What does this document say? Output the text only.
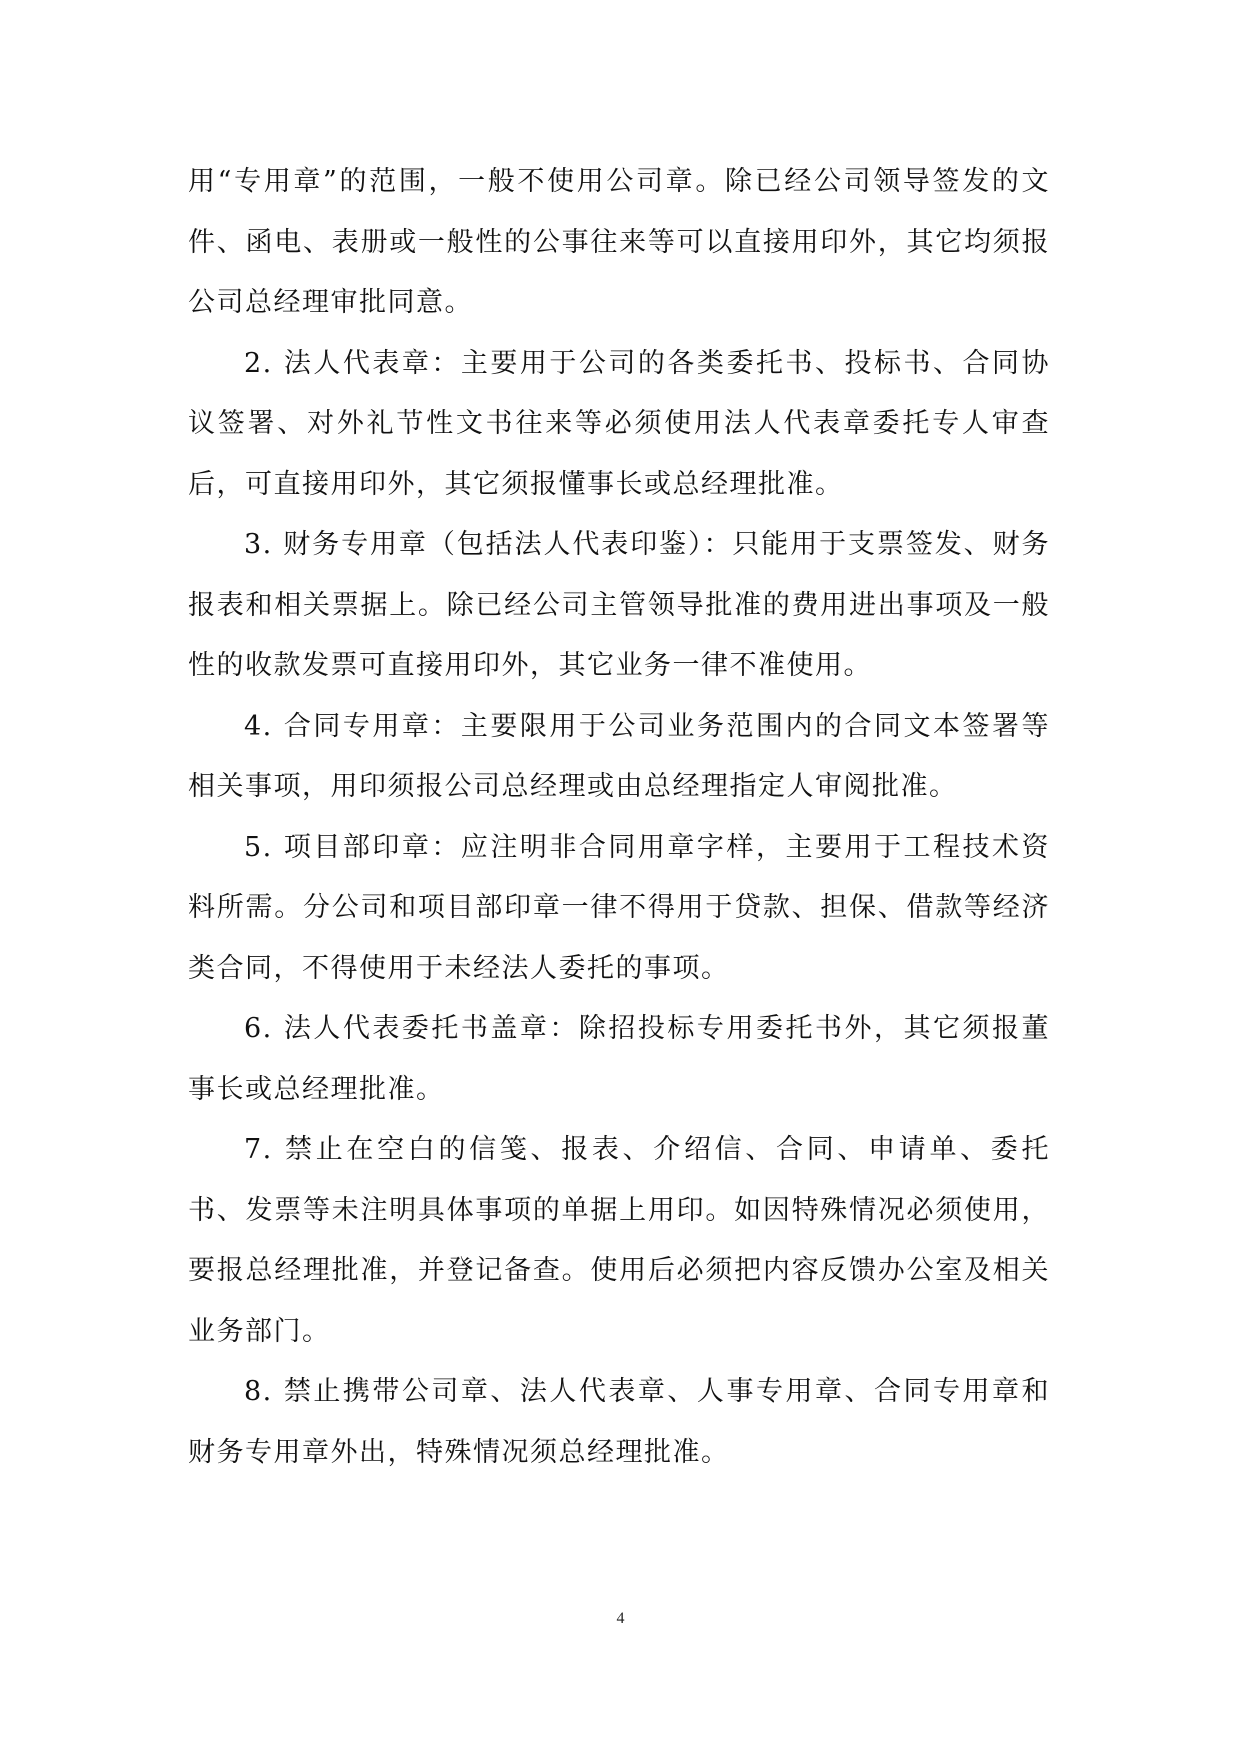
用“专用章”的范围，一般不使用公司章。除已经公司领导签发的文件、函电、表册或一般性的公事往来等可以直接用印外，其它均须报公司总经理审批同意。

2. 法人代表章：主要用于公司的各类委托书、投标书、合同协议签署、对外礼节性文书往来等必须使用法人代表章委托专人审查后，可直接用印外，其它须报懂事长或总经理批准。

3. 财务专用章（包括法人代表印鉴）：只能用于支票签发、财务报表和相关票据上。除已经公司主管领导批准的费用进出事项及一般性的收款发票可直接用印外，其它业务一律不准使用。

4. 合同专用章：主要限用于公司业务范围内的合同文本签署等相关事项，用印须报公司总经理或由总经理指定人审阅批准。

5. 项目部印章：应注明非合同用章字样，主要用于工程技术资料所需。分公司和项目部印章一律不得用于贷款、担保、借款等经济类合同，不得使用于未经法人委托的事项。

6. 法人代表委托书盖章：除招投标专用委托书外，其它须报董事长或总经理批准。

7. 禁止在空白的信笺、报表、介绍信、合同、申请单、委托书、发票等未注明具体事项的单据上用印。如因特殊情况必须使用，要报总经理批准，并登记备查。使用后必须把内容反馈办公室及相关业务部门。

8. 禁止携带公司章、法人代表章、人事专用章、合同专用章和财务专用章外出，特殊情况须总经理批准。

4
